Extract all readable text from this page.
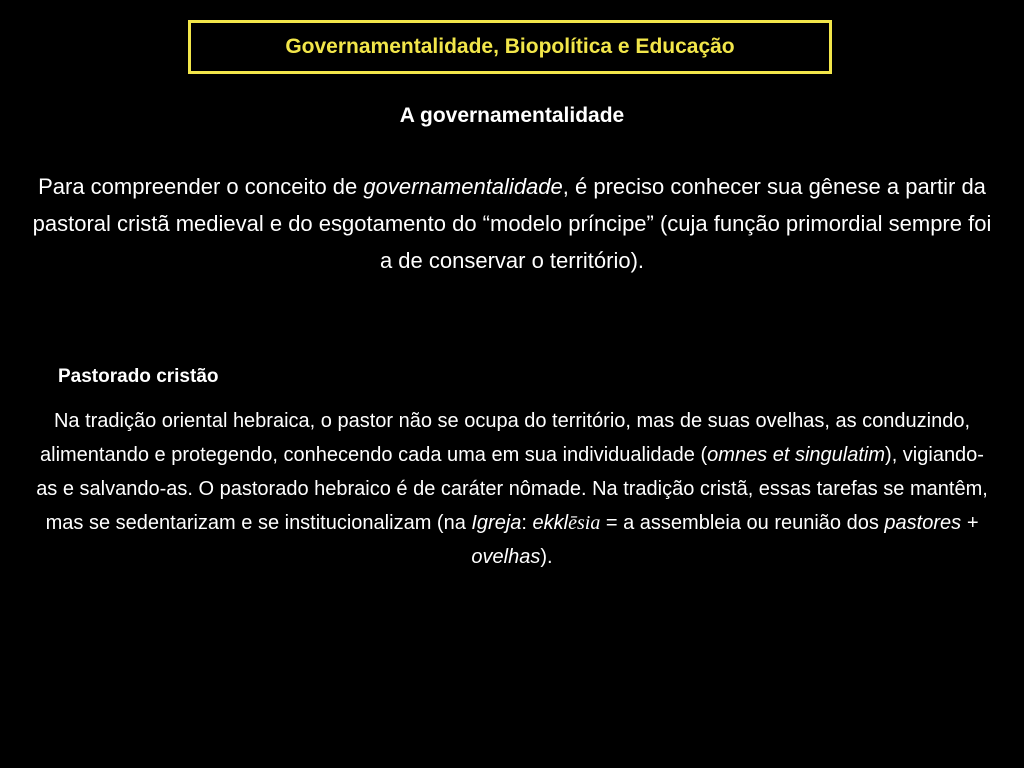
Governamentalidade, Biopolítica e Educação
A governamentalidade
Para compreender o conceito de governamentalidade, é preciso conhecer sua gênese a partir da pastoral cristã medieval e do esgotamento do “modelo príncipe” (cuja função primordial sempre foi a de conservar o território).
Pastorado cristão
Na tradição oriental hebraica, o pastor não se ocupa do território, mas de suas ovelhas, as conduzindo, alimentando e protegendo, conhecendo cada uma em sua individualidade (omnes et singulatim), vigiando-as e salvando-as. O pastorado hebraico é de caráter nômade. Na tradição cristã, essas tarefas se mantêm, mas se sedentarizam e se institucionalizam (na Igreja: ekklēsia = a assembleia ou reunião dos pastores + ovelhas).
